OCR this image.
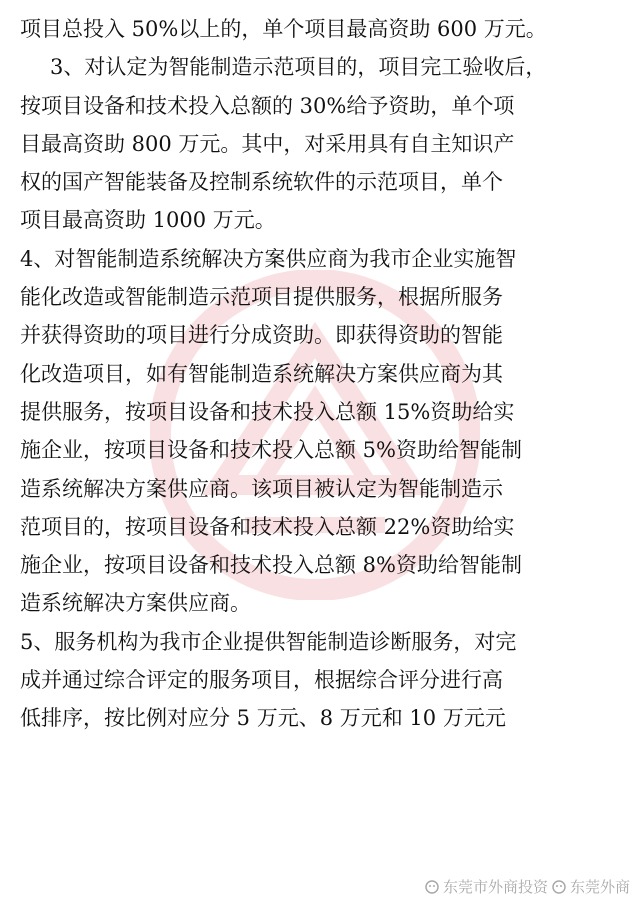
项目总投入 50%以上的，单个项目最高资助 600 万元。
3、对认定为智能制造示范项目的，项目完工验收后，
按项目设备和技术投入总额的 30%给予资助，单个项
目最高资助 800 万元。其中，对采用具有自主知识产
权的国产智能装备及控制系统软件的示范项目，单个
项目最高资助 1000 万元。
4、对智能制造系统解决方案供应商为我市企业实施智
能化改造或智能制造示范项目提供服务，根据所服务
并获得资助的项目进行分成资助。即获得资助的智能
化改造项目，如有智能制造系统解决方案供应商为其
提供服务，按项目设备和技术投入总额 15%资助给实
施企业，按项目设备和技术投入总额 5%资助给智能制
造系统解决方案供应商。该项目被认定为智能制造示
范项目的，按项目设备和技术投入总额 22%资助给实
施企业，按项目设备和技术投入总额 8%资助给智能制
造系统解决方案供应商。
5、服务机构为我市企业提供智能制造诊断服务，对完
成并通过综合评定的服务项目，根据综合评分进行高
低排序，按比例对应分 5 万元、8 万元和 10 万元元
东莞市外商投资 东莞外商
